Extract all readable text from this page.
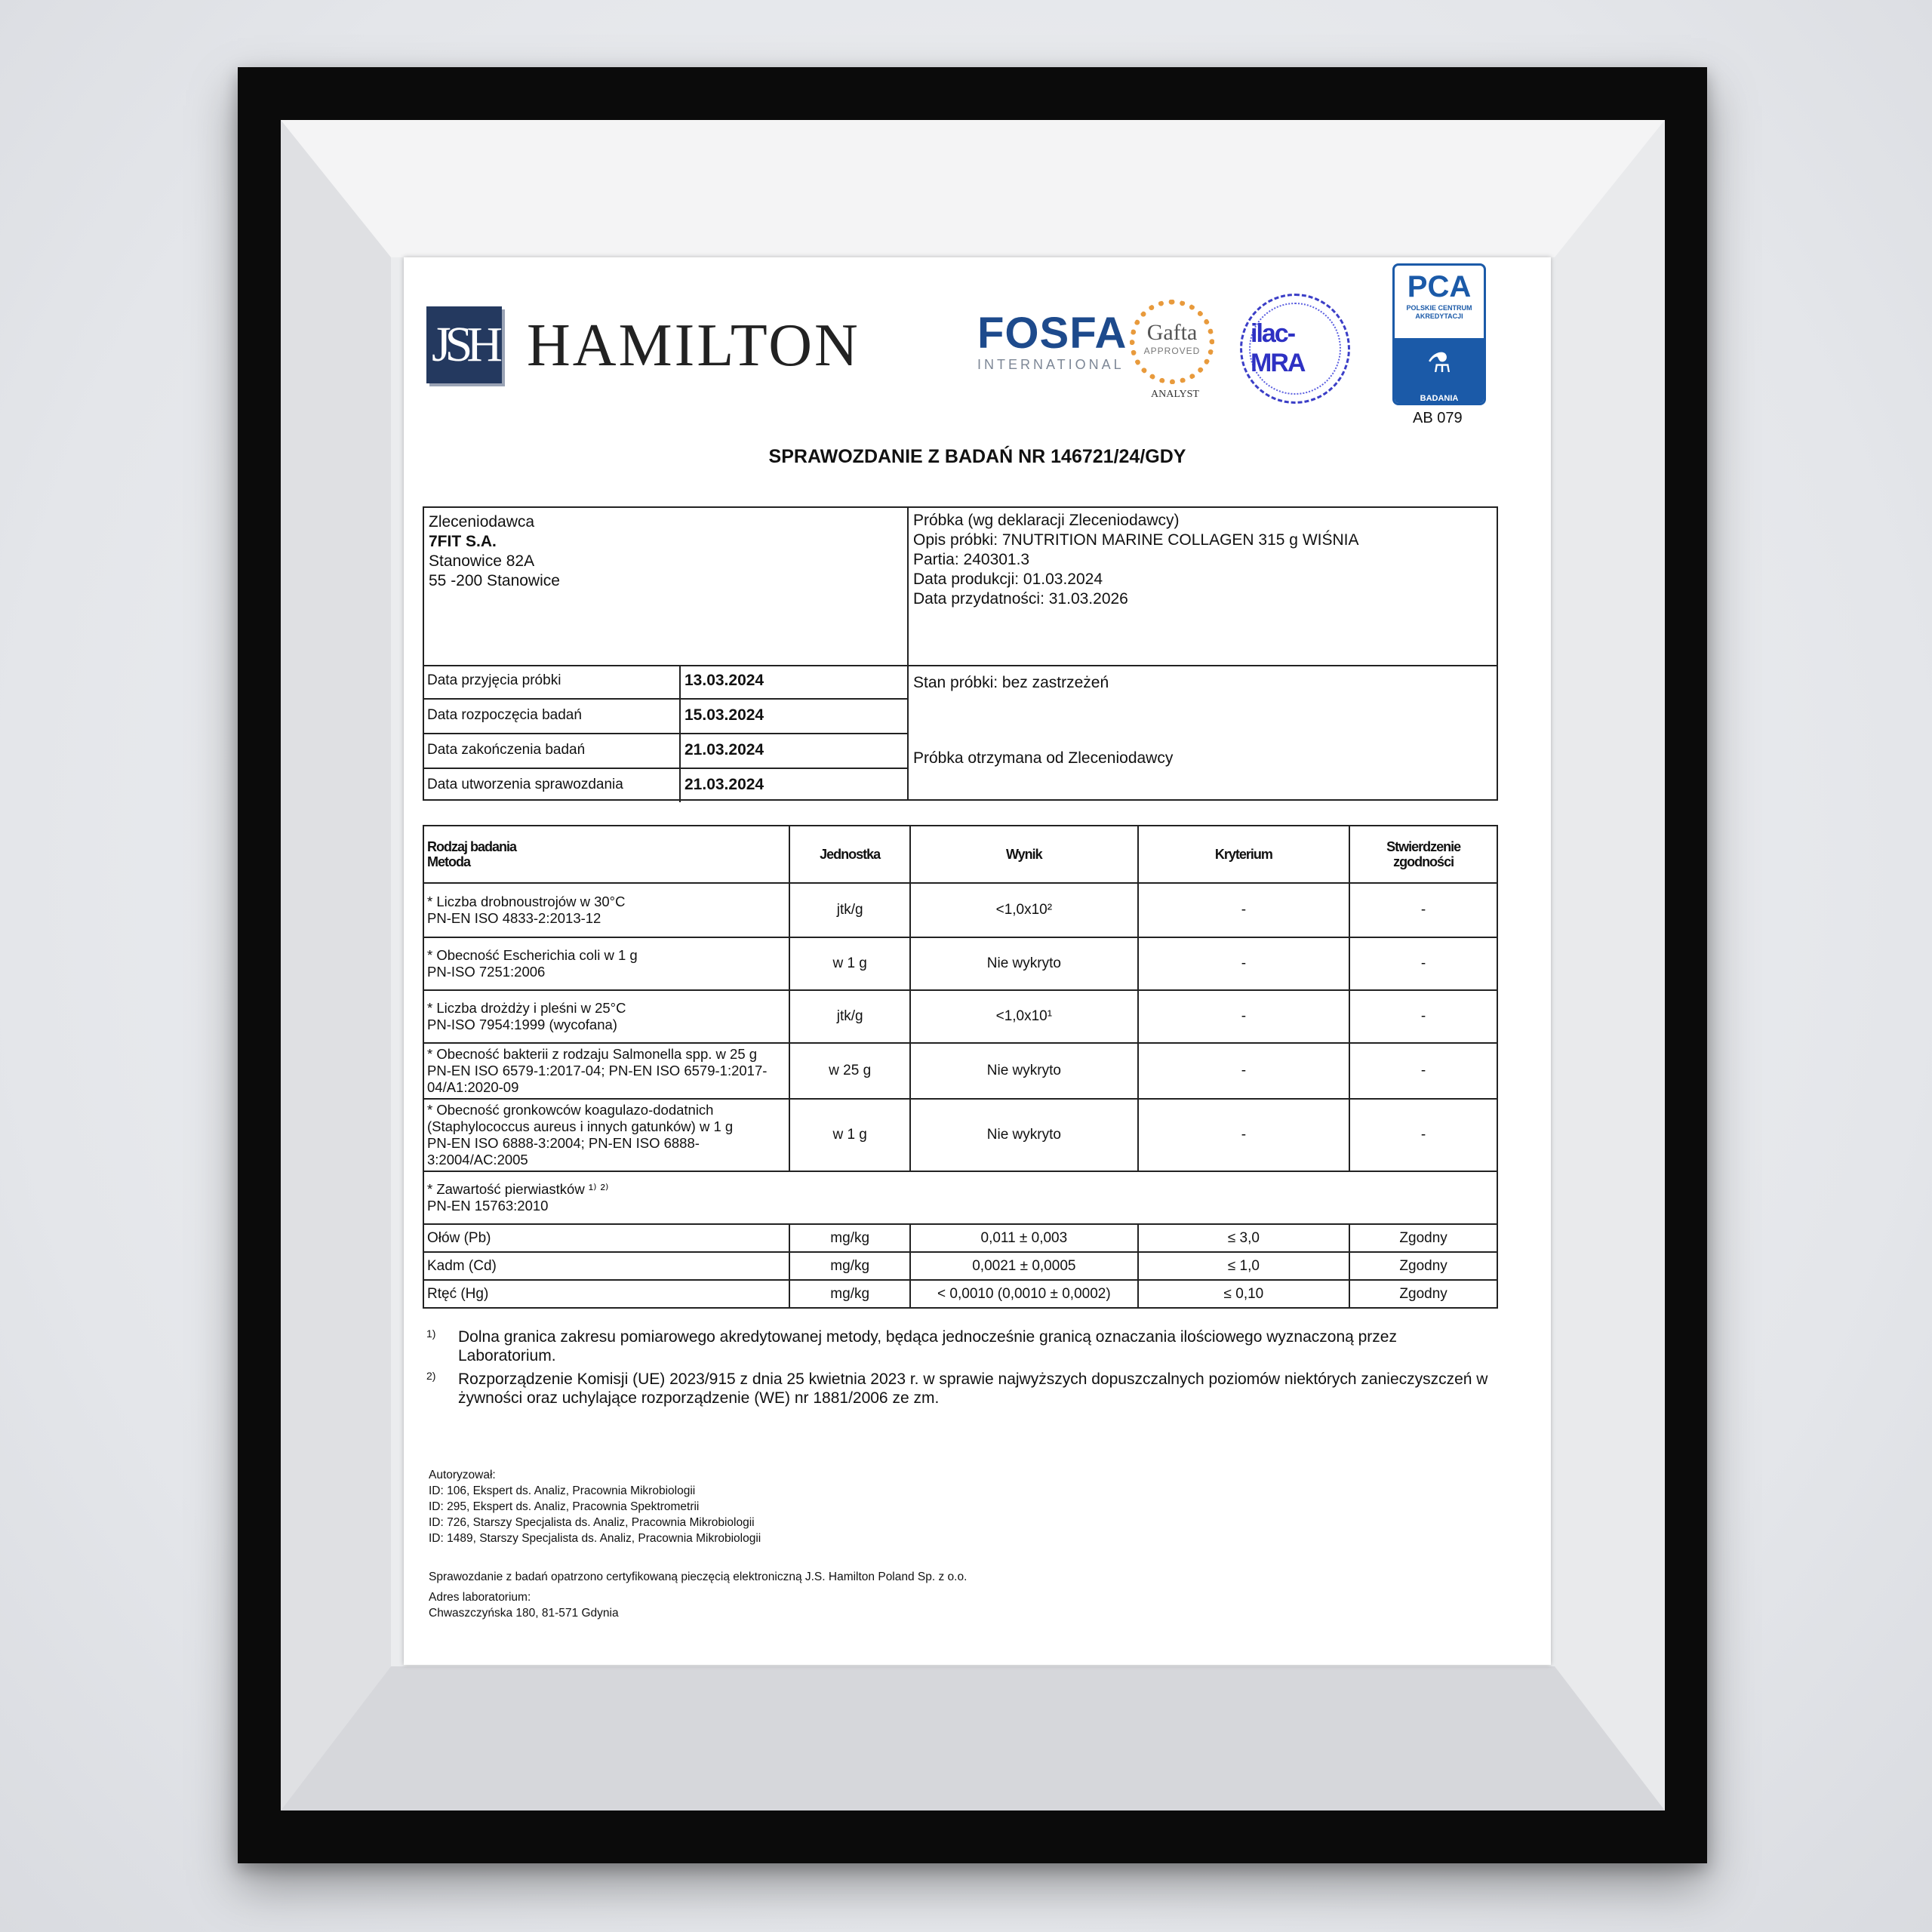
JSH HAMILTON	FOSFA
INTERNATIONAL
Gafta
APPROVED
ANALYST
ilac-MRA
PCA
POLSKIE CENTRUM AKREDYTACJI
⚗
BADANIA
AB 079
SPRAWOZDANIE Z BADAŃ NR 146721/24/GDY
Zleceniodawca
7FIT S.A.
Stanowice 82A
55 -200 Stanowice
Próbka (wg deklaracji Zleceniodawcy)
Opis próbki: 7NUTRITION MARINE COLLAGEN 315 g WIŚNIA
Partia: 240301.3
Data produkcji: 01.03.2024
Data przydatności: 31.03.2026
Data przyjęcia próbki	13.03.2024
Data rozpoczęcia badań	15.03.2024
Data zakończenia badań	21.03.2024
Data utworzenia sprawozdania	21.03.2024
Stan próbki: bez zastrzeżeń
Próbka otrzymana od Zleceniodawcy
Rodzaj badania
Metoda	Jednostka	Wynik	Kryterium	Stwierdzenie
zgodności

* Liczba drobnoustrojów w 30°C
PN-EN ISO 4833-2:2013-12	jtk/g	<1,0x10²	-	-

* Obecność Escherichia coli w 1 g
PN-ISO 7251:2006	w 1 g	Nie wykryto	-	-

* Liczba drożdży i pleśni w 25°C
PN-ISO 7954:1999 (wycofana)	jtk/g	<1,0x10¹	-	-

* Obecność bakterii z rodzaju Salmonella spp. w 25 g
PN-EN ISO 6579-1:2017-04; PN-EN ISO 6579-1:2017-04/A1:2020-09	w 25 g	Nie wykryto	-	-

* Obecność gronkowców koagulazo-dodatnich (Staphylococcus aureus i innych gatunków) w 1 g
PN-EN ISO 6888-3:2004; PN-EN ISO 6888-3:2004/AC:2005	w 1 g	Nie wykryto	-	-

* Zawartość pierwiastków ¹⁾ ²⁾
PN-EN 15763:2010				

Ołów (Pb)	mg/kg	0,011 ± 0,003	≤ 3,0	Zgodny
Kadm (Cd)	mg/kg	0,0021 ± 0,0005	≤ 1,0	Zgodny
Rtęć (Hg)	mg/kg	< 0,0010 (0,0010 ± 0,0002)	≤ 0,10	Zgodny
1) Dolna granica zakresu pomiarowego akredytowanej metody, będąca jednocześnie granicą oznaczania ilościowego wyznaczoną przez Laboratorium.
2) Rozporządzenie Komisji (UE) 2023/915 z dnia 25 kwietnia 2023 r. w sprawie najwyższych dopuszczalnych poziomów niektórych zanieczyszczeń w żywności oraz uchylające rozporządzenie (WE) nr 1881/2006 ze zm.
Autoryzował:
ID: 106, Ekspert ds. Analiz, Pracownia Mikrobiologii
ID: 295, Ekspert ds. Analiz, Pracownia Spektrometrii
ID: 726, Starszy Specjalista ds. Analiz, Pracownia Mikrobiologii
ID: 1489, Starszy Specjalista ds. Analiz, Pracownia Mikrobiologii
Sprawozdanie z badań opatrzono certyfikowaną pieczęcią elektroniczną J.S. Hamilton Poland Sp. z o.o.
Adres laboratorium:
Chwaszczyńska 180, 81-571 Gdynia
